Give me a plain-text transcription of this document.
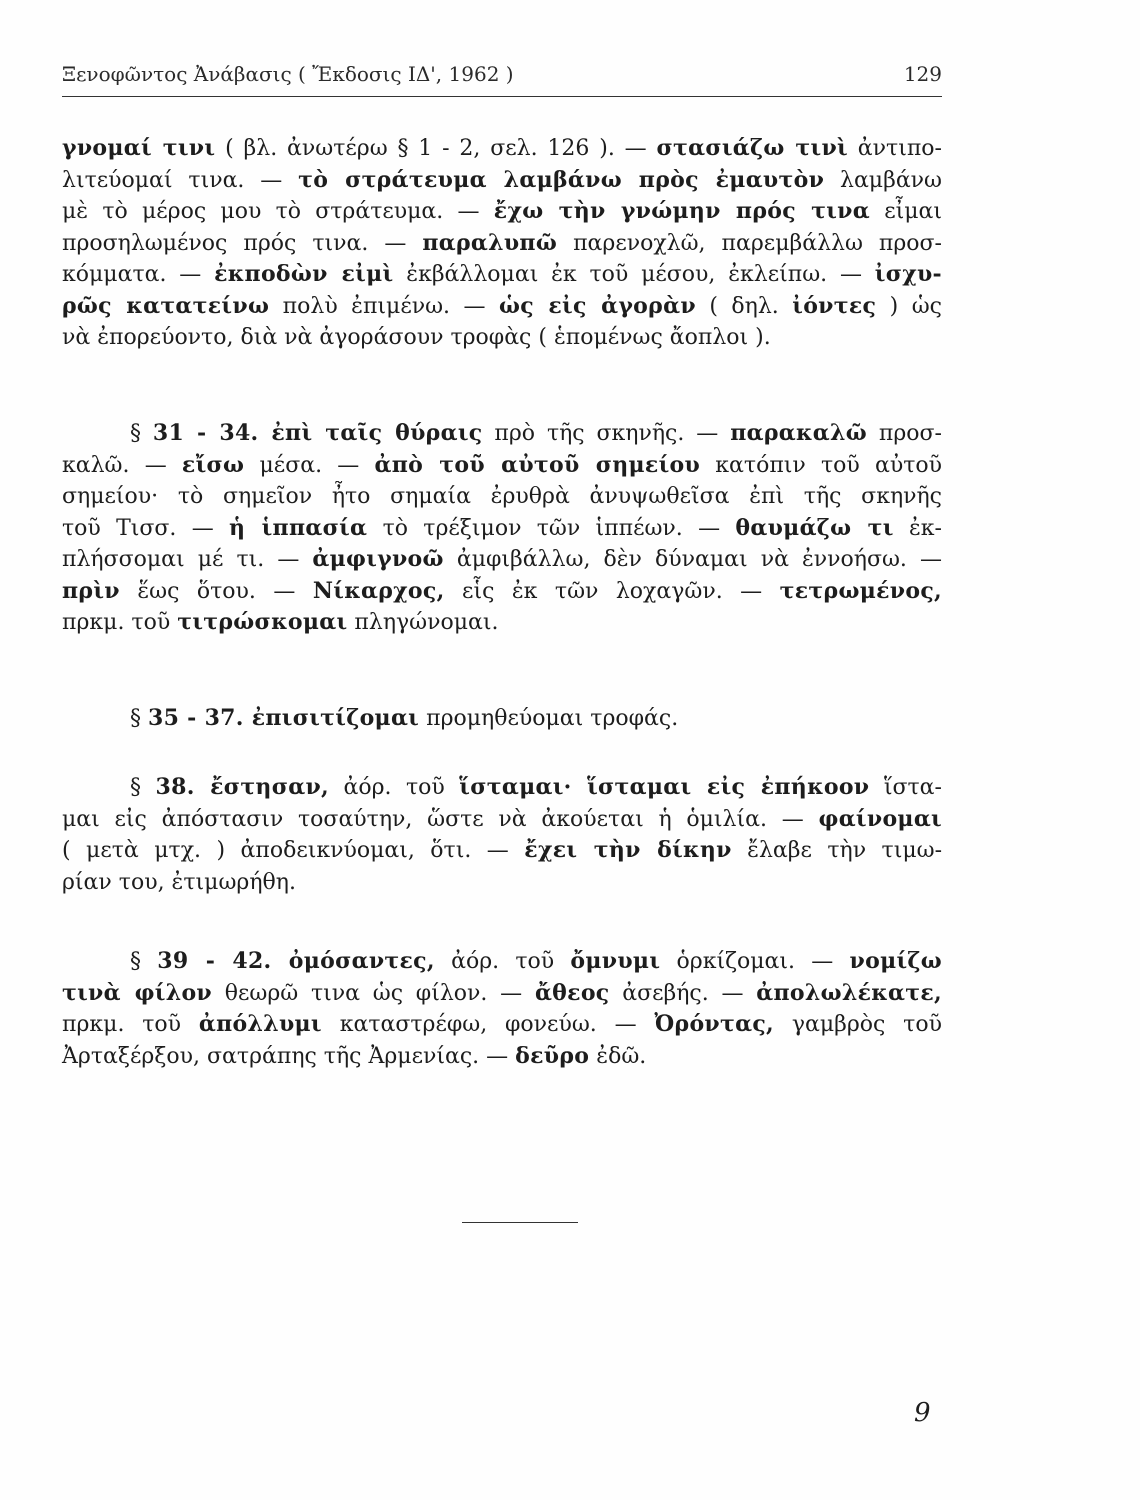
Ξενοφῶντος Ἀνάβασις ( Ἔκδοσις ΙΔ', 1962 )	129
γνομαί τινι ( βλ. ἀνωτέρω § 1 - 2, σελ. 126 ). — στασιάζω τινὶ ἀντιπο-
λιτεύομαί τινα. — τὸ στράτευμα λαμβάνω πρὸς ἐμαυτὸν λαμβάνω
μὲ τὸ μέρος μου τὸ στράτευμα. — ἔχω τὴν γνώμην πρός τινα εἶμαι
προσηλωμένος πρός τινα. — παραλυπῶ παρενοχλῶ, παρεμβάλλω προσ-
κόμματα. — ἐκποδὼν εἰμὶ ἐκβάλλομαι ἐκ τοῦ μέσου, ἐκλείπω. — ἰσχυ-
ρῶς κατατείνω πολὺ ἐπιμένω. — ὡς εἰς ἀγορὰν ( δηλ. ἰόντες ) ὡς
νὰ ἐπορεύοντο, διὰ νὰ ἀγοράσουν τροφὰς ( ἑπομένως ἄοπλοι ).
§ 31 - 34. ἐπὶ ταῖς θύραις πρὸ τῆς σκηνῆς. — παρακαλῶ προσ-
καλῶ. — εἴσω μέσα. — ἀπὸ τοῦ αὐτοῦ σημείου κατόπιν τοῦ αὐτοῦ
σημείου· τὸ σημεῖον ἦτο σημαία ἐρυθρὰ ἀνυψωθεῖσα ἐπὶ τῆς σκηνῆς
τοῦ Τισσ. — ἡ ἱππασία τὸ τρέξιμον τῶν ἱππέων. — θαυμάζω τι ἐκ-
πλήσσομαι μέ τι. — ἀμφιγνοῶ ἀμφιβάλλω, δὲν δύναμαι νὰ ἐννοήσω. —
πρὶν ἕως ὅτου. — Νίκαρχος, εἷς ἐκ τῶν λοχαγῶν. — τετρωμένος,
πρκμ. τοῦ τιτρώσκομαι πληγώνομαι.
§ 35 - 37. ἐπισιτίζομαι προμηθεύομαι τροφάς.
§ 38. ἔστησαν, ἀόρ. τοῦ ἵσταμαι· ἵσταμαι εἰς ἐπήκοον ἵστα-
μαι εἰς ἀπόστασιν τοσαύτην, ὥστε νὰ ἀκούεται ἡ ὁμιλία. — φαίνομαι
( μετὰ μτχ. ) ἀποδεικνύομαι, ὅτι. — ἔχει τὴν δίκην ἔλαβε τὴν τιμω-
ρίαν του, ἐτιμωρήθη.
§ 39 - 42. ὀμόσαντες, ἀόρ. τοῦ ὄμνυμι ὁρκίζομαι. — νομίζω
τινὰ φίλον θεωρῶ τινα ὡς φίλον. — ἄθεος ἀσεβής. — ἀπολωλέκατε,
πρκμ. τοῦ ἀπόλλυμι καταστρέφω, φονεύω. — Ὀρόντας, γαμβρὸς τοῦ
Ἀρταξέρξου, σατράπης τῆς Ἀρμενίας. — δεῦρο ἐδῶ.
9
